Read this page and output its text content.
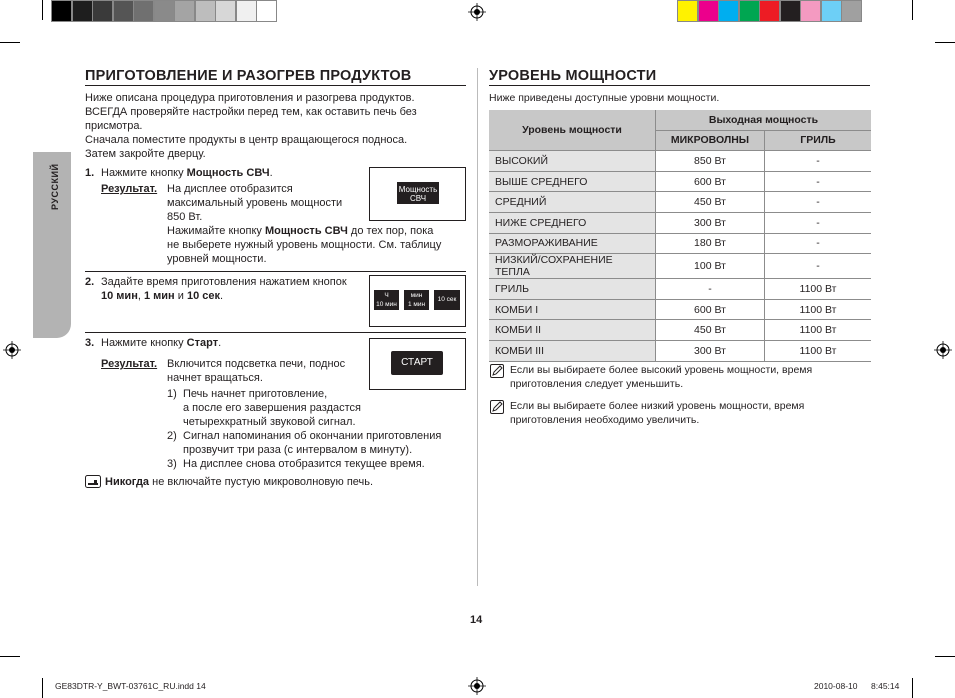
РУССКИЙ
ПРИГОТОВЛЕНИЕ И РАЗОГРЕВ ПРОДУКТОВ
Ниже описана процедура приготовления и разогрева продуктов.
ВСЕГДА проверяйте настройки перед тем, как оставить печь без
присмотра.
Сначала поместите продукты в центр вращающегося подноса.
Затем закройте дверцу.
1. Нажмите кнопку Мощность СВЧ.
Результат. На дисплее отобразится
максимальный уровень мощности
850 Вт.
Нажимайте кнопку Мощность СВЧ до тех пор, пока
не выберете нужный уровень мощности. См. таблицу
уровней мощности.
Мощность
СВЧ
2. Задайте время приготовления нажатием кнопок
10 мин, 1 мин и 10 сек.	Ч
10 мин
мин
1 мин
10 сек
3. Нажмите кнопку Старт.
Результат. Включится подсветка печи, поднос
начнет вращаться.
1) Печь начнет приготовление,
а после его завершения раздастся
четырехкратный звуковой сигнал.
2) Сигнал напоминания об окончании приготовления
прозвучит три раза (с интервалом в минуту).
3) На дисплее снова отобразится текущее время.
СТАРТ
Никогда не включайте пустую микроволновую печь.
УРОВЕНЬ МОЩНОСТИ
Ниже приведены доступные уровни мощности.
Уровень мощности	Выходная мощность	
	МИКРОВОЛНЫ	ГРИЛЬ
ВЫСОКИЙ	850 Вт	-
ВЫШЕ СРЕДНЕГО	600 Вт	-
СРЕДНИЙ	450 Вт	-
НИЖЕ СРЕДНЕГО	300 Вт	-
РАЗМОРАЖИВАНИЕ	180 Вт	-
НИЗКИЙ/СОХРАНЕНИЕ ТЕПЛА	100 Вт	-
ГРИЛЬ	-	1100 Вт
КОМБИ I	600 Вт	1100 Вт
КОМБИ II	450 Вт	1100 Вт
КОМБИ III	300 Вт	1100 Вт
Если вы выбираете более высокий уровень мощности, время
приготовления следует уменьшить.
Если вы выбираете более низкий уровень мощности, время
приготовления необходимо увеличить.
14
GE83DTR-Y_BWT-03761C_RU.indd 14	2010-08-10 8:45:14
